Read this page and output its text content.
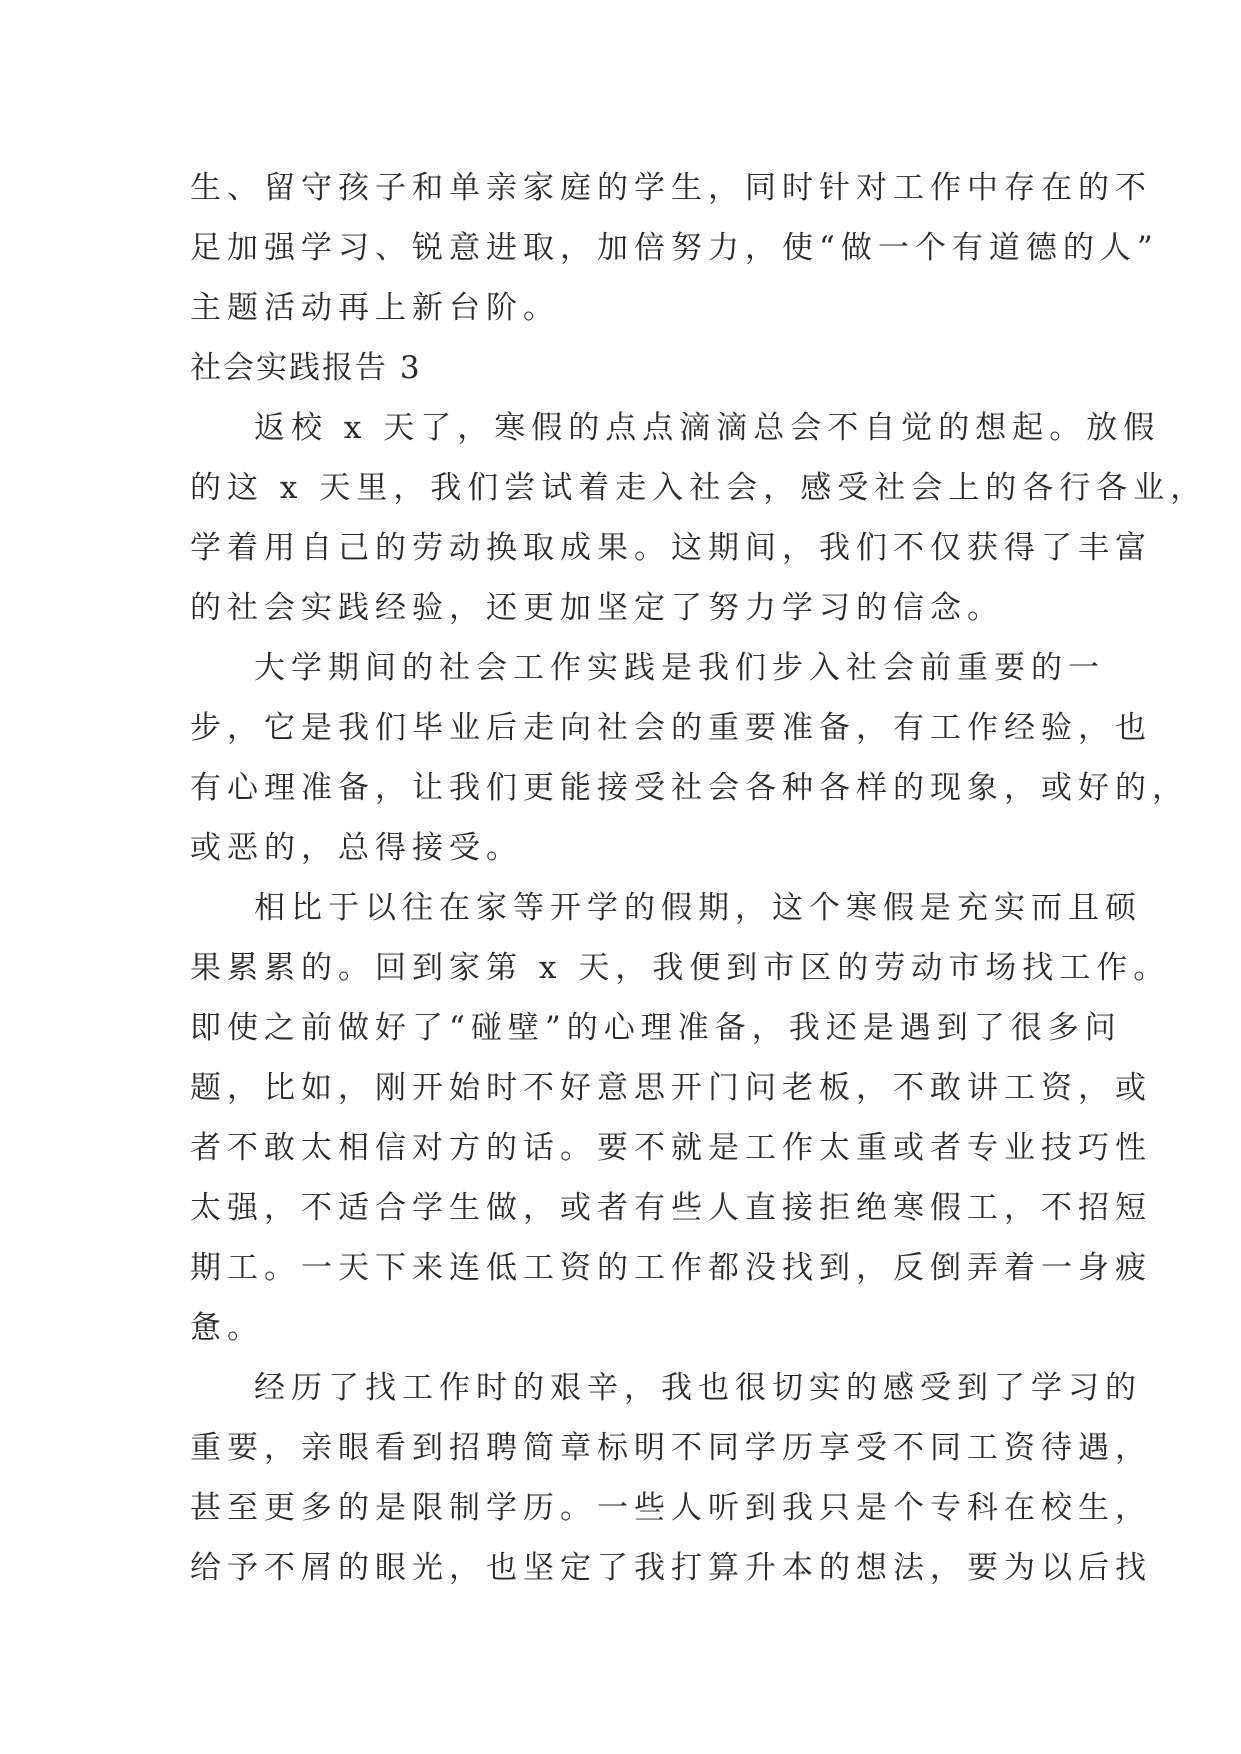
生、留守孩子和单亲家庭的学生，同时针对工作中存在的不
足加强学习、锐意进取，加倍努力，使“做一个有道德的人”
主题活动再上新台阶。
社会实践报告 3
返校 x 天了，寒假的点点滴滴总会不自觉的想起。放假
的这 x 天里，我们尝试着走入社会，感受社会上的各行各业，
学着用自己的劳动换取成果。这期间，我们不仅获得了丰富
的社会实践经验，还更加坚定了努力学习的信念。
大学期间的社会工作实践是我们步入社会前重要的一
步，它是我们毕业后走向社会的重要准备，有工作经验，也
有心理准备，让我们更能接受社会各种各样的现象，或好的，
或恶的，总得接受。
相比于以往在家等开学的假期，这个寒假是充实而且硕
果累累的。回到家第 x 天，我便到市区的劳动市场找工作。
即使之前做好了“碰壁”的心理准备，我还是遇到了很多问
题，比如，刚开始时不好意思开门问老板，不敢讲工资，或
者不敢太相信对方的话。要不就是工作太重或者专业技巧性
太强，不适合学生做，或者有些人直接拒绝寒假工，不招短
期工。一天下来连低工资的工作都没找到，反倒弄着一身疲
惫。
经历了找工作时的艰辛，我也很切实的感受到了学习的
重要，亲眼看到招聘简章标明不同学历享受不同工资待遇，
甚至更多的是限制学历。一些人听到我只是个专科在校生，
给予不屑的眼光，也坚定了我打算升本的想法，要为以后找
